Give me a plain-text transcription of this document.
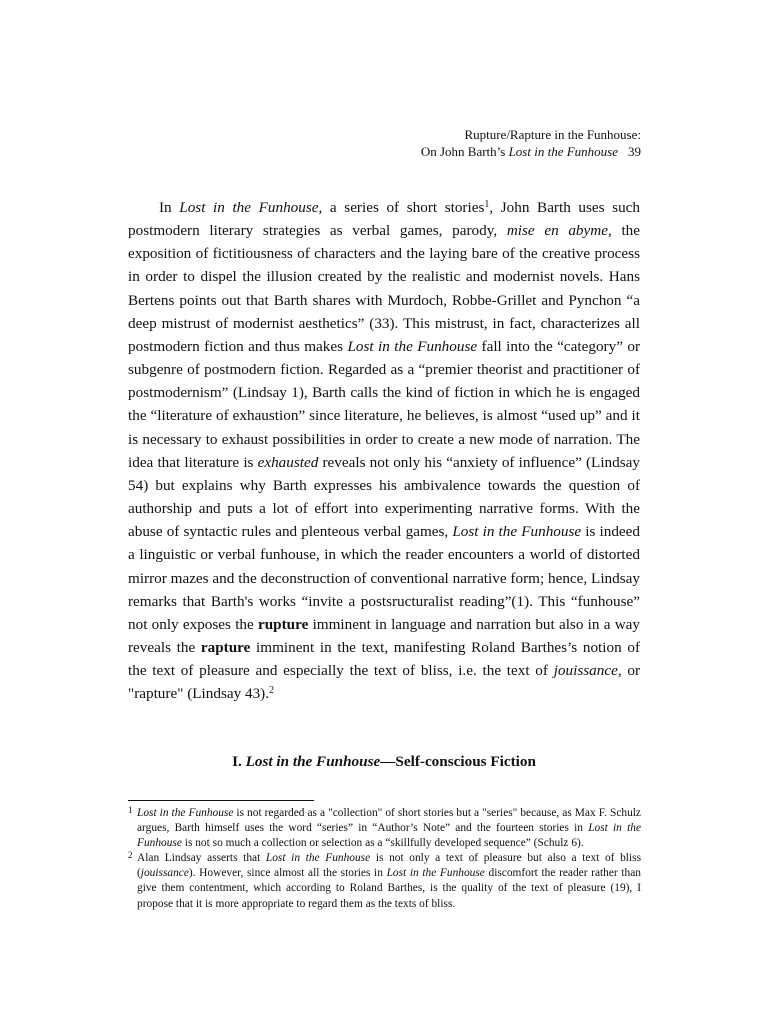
Rupture/Rapture in the Funhouse:
On John Barth’s Lost in the Funhouse 39

In Lost in the Funhouse, a series of short stories$^1$, John Barth uses such postmodern literary strategies as verbal games, parody, mise en abyme, the exposition of fictitiousness of characters and the laying bare of the creative process in order to dispel the illusion created by the realistic and modernist novels. Hans Bertens points out that Barth shares with Murdoch, Robbe-Grillet and Pynchon “a deep mistrust of modernist aesthetics” (33). This mistrust, in fact, characterizes all postmodern fiction and thus makes Lost in the Funhouse fall into the “category” or subgenre of postmodern fiction. Regarded as a “premier theorist and practitioner of postmodernism” (Lindsay 1), Barth calls the kind of fiction in which he is engaged the “literature of exhaustion” since literature, he believes, is almost “used up” and it is necessary to exhaust possibilities in order to create a new mode of narration. The idea that literature is exhausted reveals not only his “anxiety of influence” (Lindsay 54) but explains why Barth expresses his ambivalence towards the question of authorship and puts a lot of effort into experimenting narrative forms. With the abuse of syntactic rules and plenteous verbal games, Lost in the Funhouse is indeed a linguistic or verbal funhouse, in which the reader encounters a world of distorted mirror mazes and the deconstruction of conventional narrative form; hence, Lindsay remarks that Barth's works “invite a postsructuralist reading”(1). This “funhouse” not only exposes the rupture imminent in language and narration but also in a way reveals the rapture imminent in the text, manifesting Roland Barthes’s notion of the text of pleasure and especially the text of bliss, i.e. the text of jouissance, or "rapture" (Lindsay 43).$^2$

I. Lost in the Funhouse—Self-conscious Fiction

1 Lost in the Funhouse is not regarded as a "collection" of short stories but a "series" because, as Max F. Schulz argues, Barth himself uses the word “series” in “Author’s Note” and the fourteen stories in Lost in the Funhouse is not so much a collection or selection as a “skillfully developed sequence” (Schulz 6).

2 Alan Lindsay asserts that Lost in the Funhouse is not only a text of pleasure but also a text of bliss (jouissance). However, since almost all the stories in Lost in the Funhouse discomfort the reader rather than give them contentment, which according to Roland Barthes, is the quality of the text of pleasure (19), I propose that it is more appropriate to regard them as the texts of bliss.
